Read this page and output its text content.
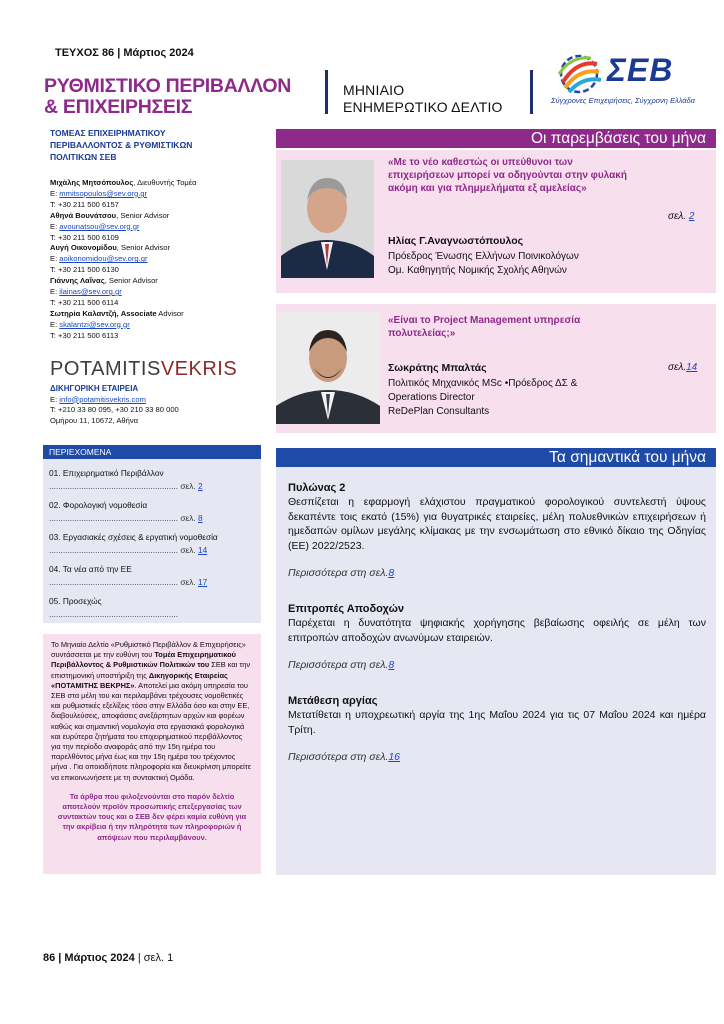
ΤΕΥΧΟΣ 86 | Μάρτιος 2024
ΡΥΘΜΙΣΤΙΚΟ ΠΕΡΙΒΑΛΛΟΝ
& ΕΠΙΧΕΙΡΗΣΕΙΣ
ΜΗΝΙΑΙΟ
ΕΝΗΜΕΡΩΤΙΚΟ ΔΕΛΤΙΟ
ΣΕΒ
Σύγχρονες Επιχειρήσεις, Σύγχρονη Ελλάδα
ΤΟΜΕΑΣ ΕΠΙΧΕΙΡΗΜΑΤΙΚΟΥ
ΠΕΡΙΒΑΛΛΟΝΤΟΣ & ΡΥΘΜΙΣΤΙΚΩΝ
ΠΟΛΙΤΙΚΩΝ ΣΕΒ
Μιχάλης Μητσόπουλος, Διευθυντής Τομέα
E: mmitsopoulos@sev.org.gr
T: +30 211 500 6157
Αθηνά Βουνάτσου, Senior Advisor
E: avounatsou@sev.org.gr
T: +30 211 500 6109
Αυγή Οικονομίδου, Senior Advisor
E: aoikonomidou@sev.org.gr
T: +30 211 500 6130
Γιάννης Λαΐνας, Senior Advisor
E: ilainas@sev.org.gr
T: +30 211 500 6114
Σωτηρία Καλαντζή, Associate Advisor
E: skalantzi@sev.org.gr
T: +30 211 500 6113
POTAMITISVEKRIS
ΔΙΚΗΓΟΡΙΚΗ ΕΤΑΙΡΕΙΑ
E: info@potamitisvekris.com
T: +210 33 80 095, +30 210 33 80 000
Ομήρου 11, 10672, Αθήνα
ΠΕΡΙΕΧΟΜΕΝΑ
01. Επιχειρηματικό Περιβάλλον
........................................................ σελ. 2
02. Φορολογική νομοθεσία
........................................................ σελ. 8
03. Εργασιακές σχέσεις & εργατική νομοθεσία
........................................................ σελ. 14
04. Τα νέα από την ΕΕ
........................................................ σελ. 17
05. Προσεχώς
........................................................

Το Μηνιαίο Δελτίο «Ρυθμιστικό Περιβάλλον & Επιχειρήσεις» συντάσσεται με την ευθύνη του Τομέα Επιχειρηματικού Περιβάλλοντος & Ρυθμιστικών Πολιτικών του ΣΕΒ και την επιστημονική υποστήριξη της Δικηγορικής Εταιρείας «ΠΟΤΑΜΙΤΗΣ ΒΕΚΡΗΣ». Αποτελεί μια ακόμη υπηρεσία του ΣΕΒ στα μέλη του και περιλαμβάνει τρέχουσες νομοθετικές και ρυθμιστικές εξελίξεις τόσο στην Ελλάδα όσο και στην ΕΕ, διαβουλεύσεις, αποφάσεις ανεξάρτητων αρχών και φορέων καθώς και σημαντική νομολογία στα εργασιακά φορολογικά και ευρύτερα ζητήματα του επιχειρηματικού περιβάλλοντος για την περίοδο αναφοράς από την 15η ημέρα του παρελθόντος μήνα έως και την 15η ημέρα του τρέχοντος μήνα . Για οποιαδήποτε πληροφορία και διευκρίνιση μπορείτε να επικοινωνήσετε με τη συντακτική Ομάδα.

Τα άρθρα που φιλοξενούνται στο παρόν δελτίο αποτελούν προϊόν προσωπικής επεξεργασίας των συντακτών τους και ο ΣΕΒ δεν φέρει καμία ευθύνη για την ακρίβεια ή την πληρότητα των πληροφοριών ή απόψεων που περιλαμβάνουν.

Οι παρεμβάσεις του μήνα
«Με το νέο καθεστώς οι υπεύθυνοι των επιχειρήσεων μπορεί να οδηγούνται στην φυλακή ακόμη και για πλημμελήματα εξ αμελείας»
σελ. 2
Ηλίας Γ.Αναγνωστόπουλος
Πρόεδρος Ένωσης Ελλήνων Ποινικολόγων
Ομ. Καθηγητής Νομικής Σχολής Αθηνών
«Είναι το Project Management υπηρεσία πολυτελείας;»
Σωκράτης Μπαλτάς	σελ.14
Πολιτικός Μηχανικός MSc •Πρόεδρος ΔΣ &
Operations Director
ReDePlan Consultants
Τα σημαντικά του μήνα
Πυλώνας 2
Θεσπίζεται η εφαρμογή ελάχιστου πραγματικού φορολογικού συντελεστή ύψους δεκαπέντε τοις εκατό (15%) για θυγατρικές εταιρείες, μέλη πολυεθνικών επιχειρήσεων ή ημεδαπών ομίλων μεγάλης κλίμακας με την ενσωμάτωση στο εθνικό δίκαιο της Οδηγίας (ΕΕ) 2022/2523.
Περισσότερα στη σελ.8
Επιτροπές Αποδοχών
Παρέχεται η δυνατότητα ψηφιακής χορήγησης βεβαίωσης οφειλής σε μέλη των επιτροπών αποδοχών ανωνύμων εταιρειών.
Περισσότερα στη σελ.8
Μετάθεση αργίας
Μετατίθεται η υποχρεωτική αργία της 1ης Μαΐου 2024 για τις 07 Μαΐου 2024 και ημέρα Τρίτη.
Περισσότερα στη σελ.16
86 | Μάρτιος 2024 | σελ. 1
